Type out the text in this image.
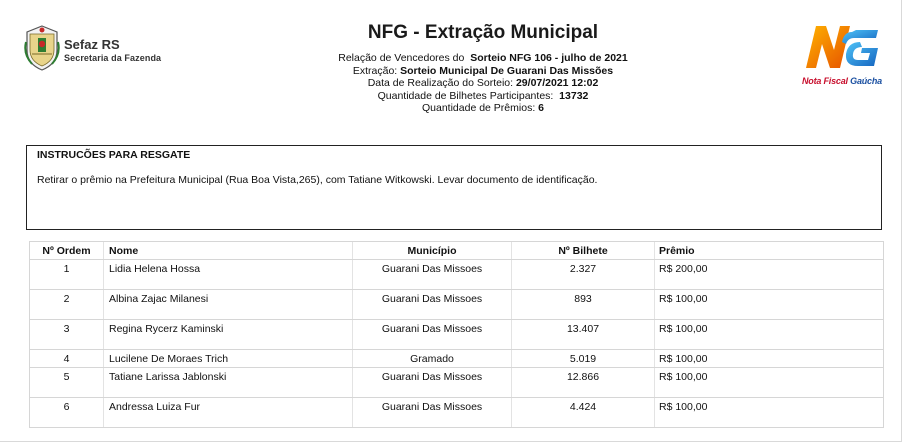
Sefaz RS
Secretaria da Fazenda
NFG - Extração Municipal
Relação de Vencedores do Sorteio NFG 106 - julho de 2021
Extração: Sorteio Municipal De Guarani Das Missões
Data de Realização do Sorteio: 29/07/2021 12:02
Quantidade de Bilhetes Participantes: 13732
Quantidade de Prêmios: 6
Nota Fiscal Gaúcha
INSTRUCÕES PARA RESGATE
Retirar o prêmio na Prefeitura Municipal (Rua Boa Vista,265), com Tatiane Witkowski. Levar documento de identificação.
Nº Ordem	Nome	Município	Nº Bilhete	Prêmio
1	Lidia Helena Hossa	Guarani Das Missoes	2.327	R$ 200,00
2	Albina Zajac Milanesi	Guarani Das Missoes	893	R$ 100,00
3	Regina Rycerz Kaminski	Guarani Das Missoes	13.407	R$ 100,00
4	Lucilene De Moraes Trich	Gramado	5.019	R$ 100,00
5	Tatiane Larissa Jablonski	Guarani Das Missoes	12.866	R$ 100,00
6	Andressa Luiza Fur	Guarani Das Missoes	4.424	R$ 100,00
